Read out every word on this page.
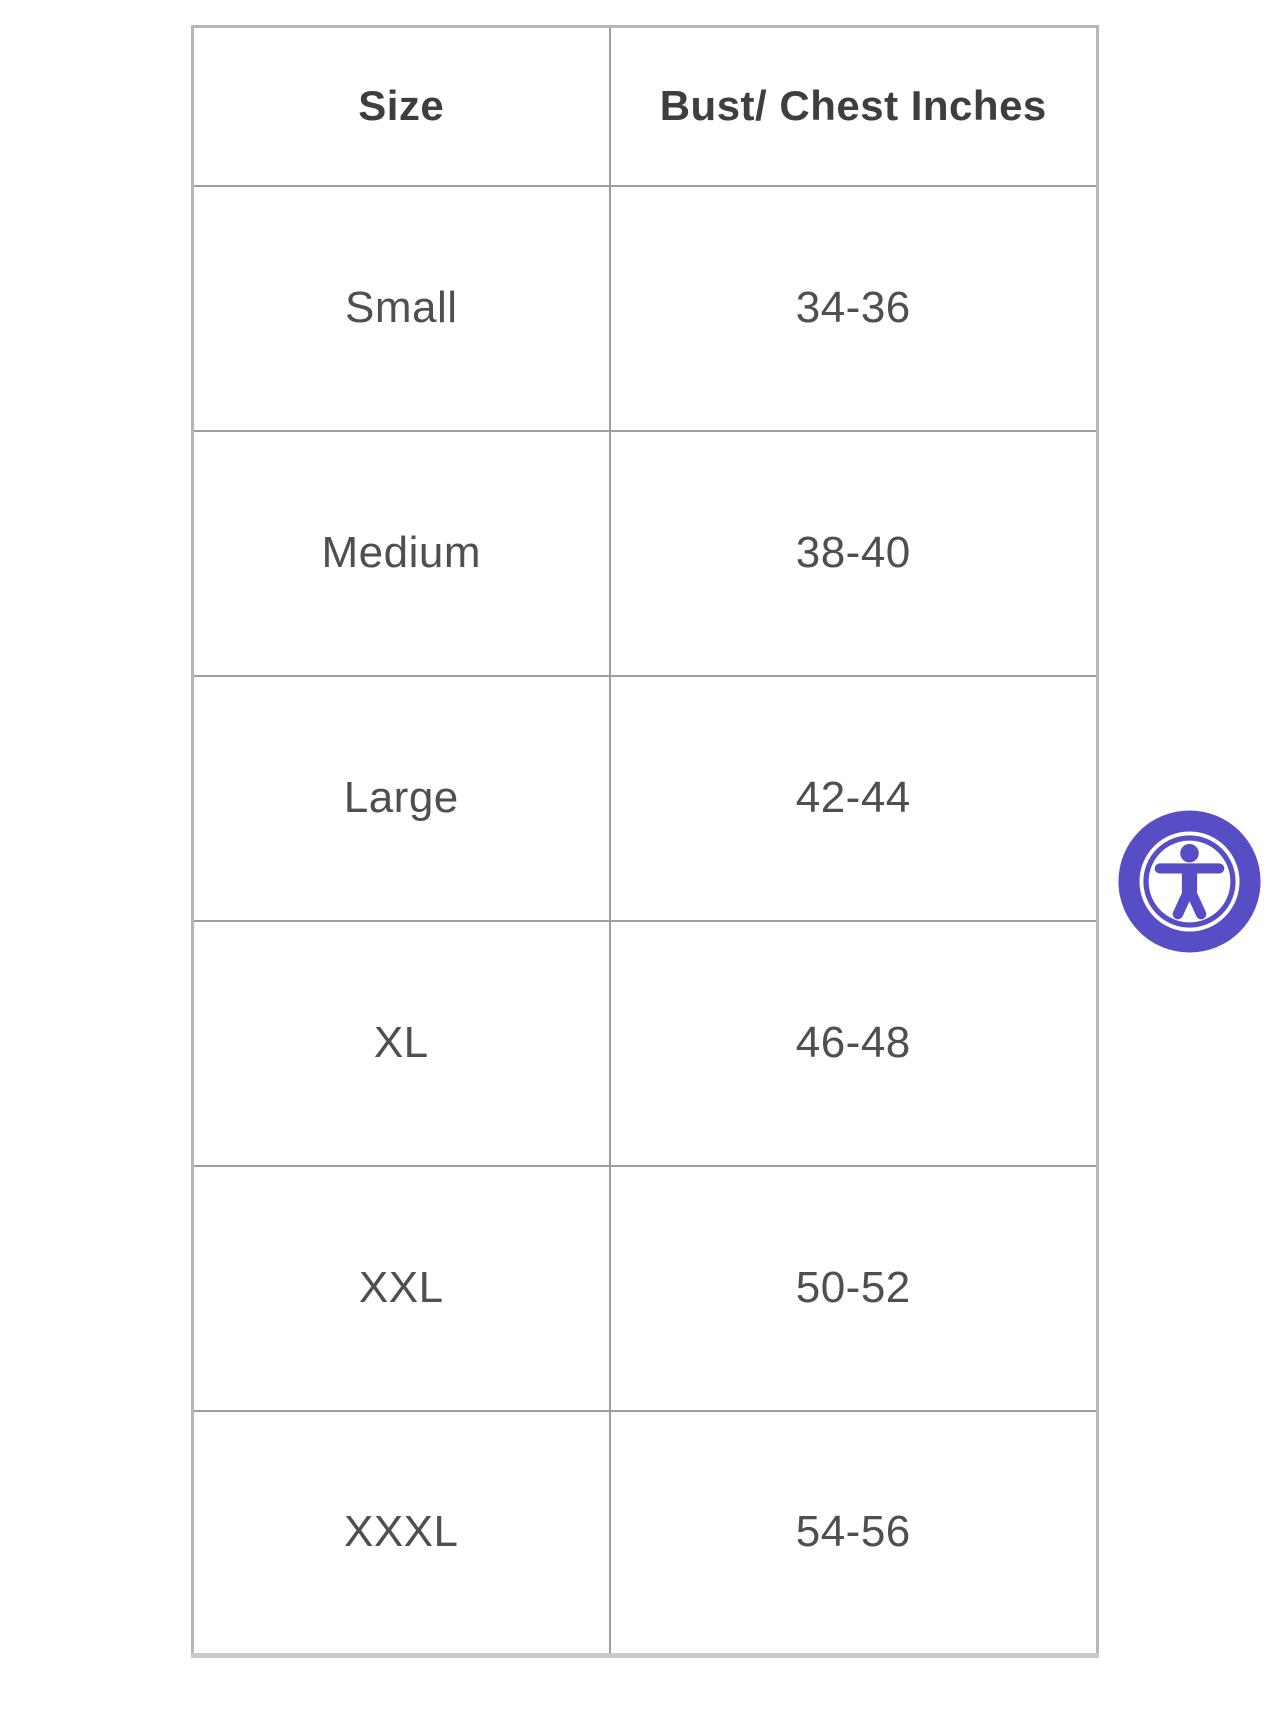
Size	Bust/ Chest Inches
Small	34-36
Medium	38-40
Large	42-44
XL	46-48
XXL	50-52
XXXL	54-56
